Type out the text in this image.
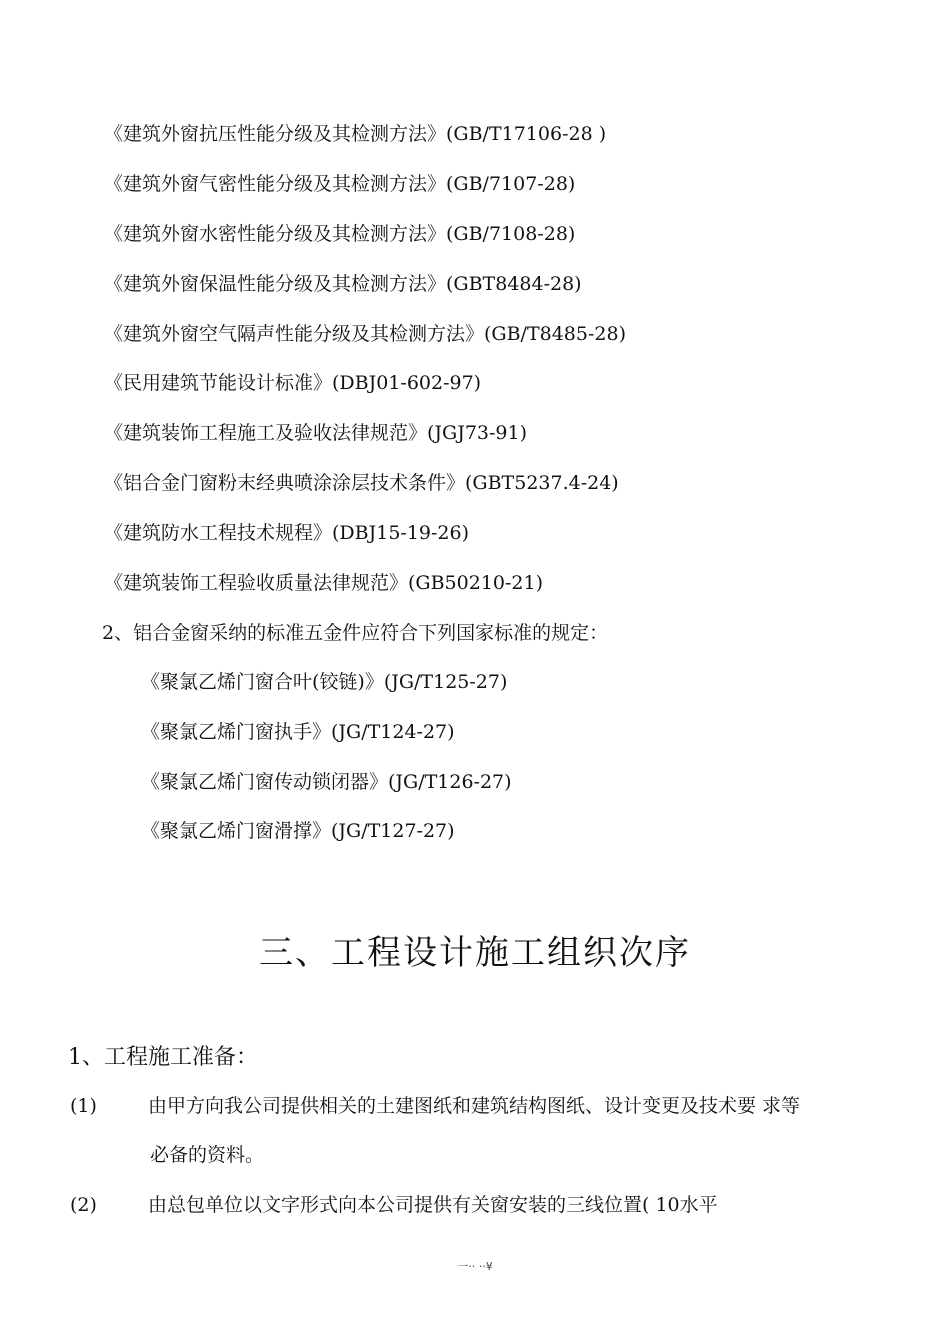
《建筑外窗抗压性能分级及其检测方法》(GB/T17106-28 )
《建筑外窗气密性能分级及其检测方法》(GB/7107-28)
《建筑外窗水密性能分级及其检测方法》(GB/7108-28)
《建筑外窗保温性能分级及其检测方法》(GBT8484-28)
《建筑外窗空气隔声性能分级及其检测方法》(GB/T8485-28)
《民用建筑节能设计标准》(DBJ01-602-97)
《建筑装饰工程施工及验收法律规范》(JGJ73-91)
《铝合金门窗粉末经典喷涂涂层技术条件》(GBT5237.4-24)
《建筑防水工程技术规程》(DBJ15-19-26)
《建筑装饰工程验收质量法律规范》(GB50210-21)
2、铝合金窗采纳的标准五金件应符合下列国家标准的规定：
《聚氯乙烯门窗合叶(铰链)》(JG/T125-27)
《聚氯乙烯门窗执手》(JG/T124-27)
《聚氯乙烯门窗传动锁闭器》(JG/T126-27)
《聚氯乙烯门窗滑撑》(JG/T127-27)
三、工程设计施工组织次序
1、工程施工准备：
(1)	由甲方向我公司提供相关的土建图纸和建筑结构图纸、设计变更及技术要 求等
必备的资料。
(2)	由总包单位以文字形式向本公司提供有关窗安装的三线位置( 10水平
一·· ··¥
